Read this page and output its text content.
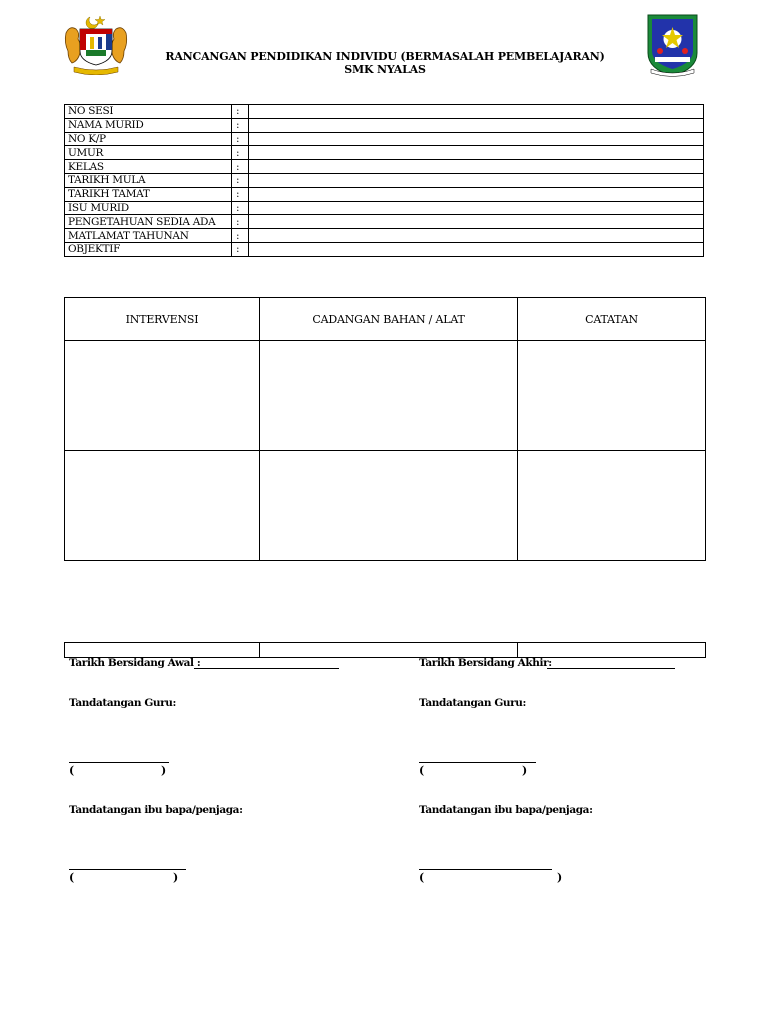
RANCANGAN PENDIDIKAN INDIVIDU (BERMASALAH PEMBELAJARAN)
SMK NYALAS
NO SESI	:	
NAMA MURID	:	
NO K/P	:	
UMUR	:	
KELAS	:	
TARIKH MULA	:	
TARIKH TAMAT	:	
ISU MURID	:	
PENGETAHUAN SEDIA ADA	:	
MATLAMAT TAHUNAN	:	
OBJEKTIF	:	
INTERVENSI	CADANGAN BAHAN / ALAT	CATATAN

Tarikh Bersidang Awal :	Tarikh Bersidang Akhir:
Tandatangan Guru:	Tandatangan Guru:
(	)	(	)
Tandatangan ibu bapa/penjaga:	Tandatangan ibu bapa/penjaga:
(	)	(	)
